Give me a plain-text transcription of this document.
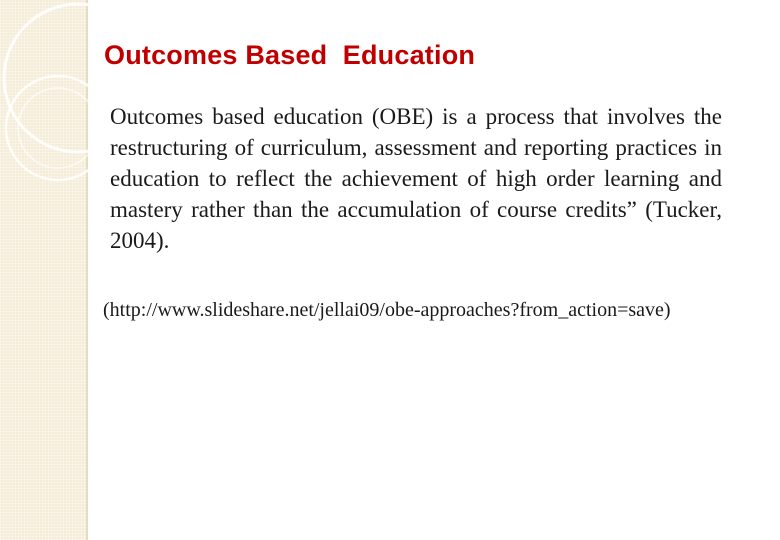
Outcomes Based  Education

Outcomes based education (OBE) is a process that involves the restructuring of curriculum, assessment and reporting practices in education to reflect the achievement of high order learning and mastery rather than the accumulation of course credits” (Tucker, 2004).

(http://www.slideshare.net/jellai09/obe-approaches?from_action=save)
